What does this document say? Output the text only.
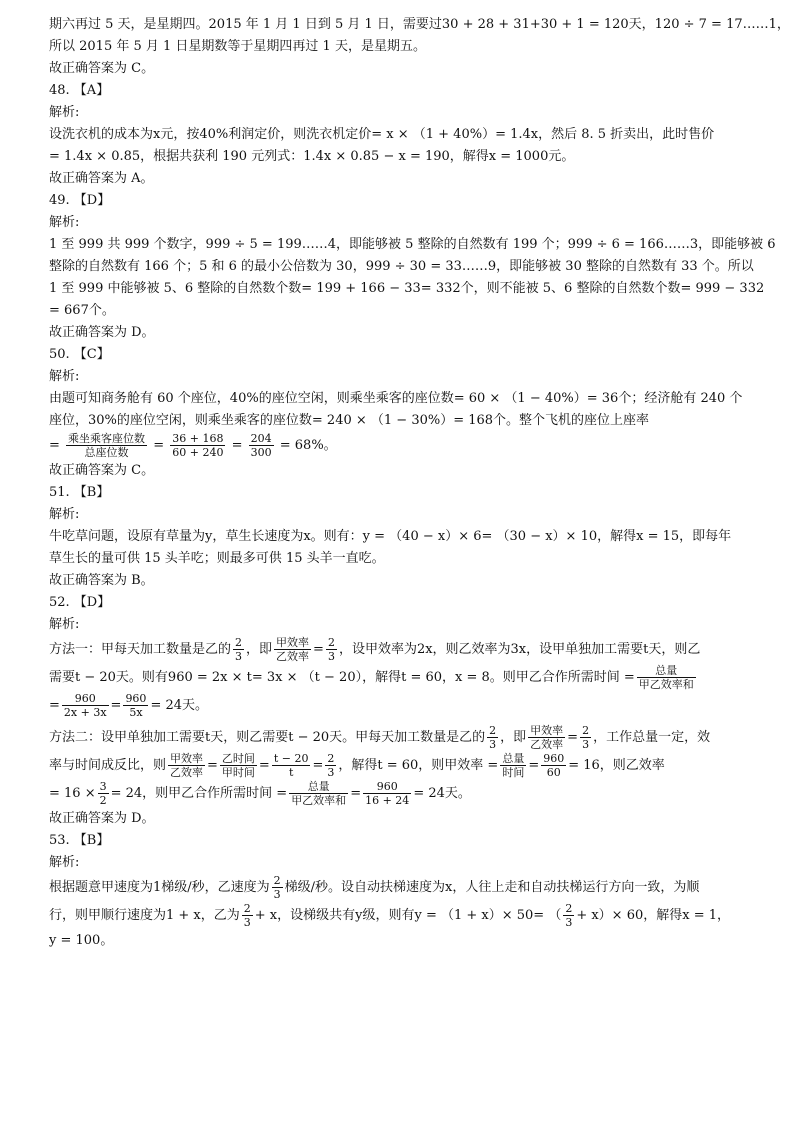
期六再过 5 天，是星期四。2015 年 1 月 1 日到 5 月 1 日，需要过30 + 28 + 31+30 + 1 = 120天，120 ÷ 7 = 17……1，
所以 2015 年 5 月 1 日星期数等于星期四再过 1 天，是星期五。
故正确答案为 C。
48. 【A】
解析:
设洗衣机的成本为x元，按40%利润定价，则洗衣机定价= x × （1 + 40%）= 1.4x，然后 8. 5 折卖出，此时售价
= 1.4x × 0.85，根据共获利 190 元列式：1.4x × 0.85 − x = 190，解得x = 1000元。
故正确答案为 A。
49. 【D】
解析:
1 至 999 共 999 个数字，999 ÷ 5 = 199……4，即能够被 5 整除的自然数有 199 个；999 ÷ 6 = 166……3，即能够被 6
整除的自然数有 166 个；5 和 6 的最小公倍数为 30，999 ÷ 30 = 33……9，即能够被 30 整除的自然数有 33 个。所以
1 至 999 中能够被 5、6 整除的自然数个数= 199 + 166 − 33= 332个，则不能被 5、6 整除的自然数个数= 999 − 332
= 667个。
故正确答案为 D。
50. 【C】
解析:
由题可知商务舱有 60 个座位，40%的座位空闲，则乘坐乘客的座位数= 60 × （1 − 40%）= 36个；经济舱有 240 个
座位，30%的座位空闲，则乘坐乘客的座位数= 240 × （1 − 30%）= 168个。整个飞机的座位上座率
= $\frac{\text{乘坐乘客座位数}}{\text{总座位数}} = \frac{36 + 168}{60 + 240} = \frac{204}{300} = 68\%$。
故正确答案为 C。
51. 【B】
解析:
牛吃草问题，设原有草量为y，草生长速度为x。则有：y = （40 − x）× 6= （30 − x）× 10，解得x = 15，即每年
草生长的量可供 15 头羊吃；则最多可供 15 头羊一直吃。
故正确答案为 B。
52. 【D】
解析:
方法一：甲每天加工数量是乙的 $\frac{2}{3}$ ，即 $\frac{\text{甲效率}}{\text{乙效率}} = \frac{2}{3}$ ，设甲效率为2x，则乙效率为3x，设甲单独加工需要t天，则乙
需要t − 20天。则有960 = 2x × t= 3x × （t − 20），解得t = 60，x = 8。则甲乙合作所需时间 = $\frac{\text{总量}}{\text{甲乙效率和}}$
= $\frac{960}{2x + 3x} = \frac{960}{5x} = 24$天。
方法二：设甲单独加工需要t天，则乙需要t − 20天。甲每天加工数量是乙的 $\frac{2}{3}$ ，即 $\frac{\text{甲效率}}{\text{乙效率}} = \frac{2}{3}$ ，工作总量一定，效
率与时间成反比，则 $\frac{\text{甲效率}}{\text{乙效率}} = \frac{\text{乙时间}}{\text{甲时间}} = \frac{t - 20}{t} = \frac{2}{3}$ ，解得t = 60，则甲效率 = $\frac{\text{总量}}{\text{时间}} = \frac{960}{60} = 16$，则乙效率
= $16 \times \frac{3}{2} = 24$，则甲乙合作所需时间 = $\frac{\text{总量}}{\text{甲乙效率和}} = \frac{960}{16 + 24} = 24$天。
故正确答案为 D。
53. 【B】
解析:
根据题意甲速度为1梯级/秒，乙速度为 $\frac{2}{3}$ 梯级/秒。设自动扶梯速度为x，人往上走和自动扶梯运行方向一致，为顺
行，则甲顺行速度为1 + x，乙为 $\frac{2}{3} + x$，设梯级共有y级，则有y = （1 + x）× 50= （ $\frac{2}{3} + x)\times 60$，解得x = 1，
y = 100。
